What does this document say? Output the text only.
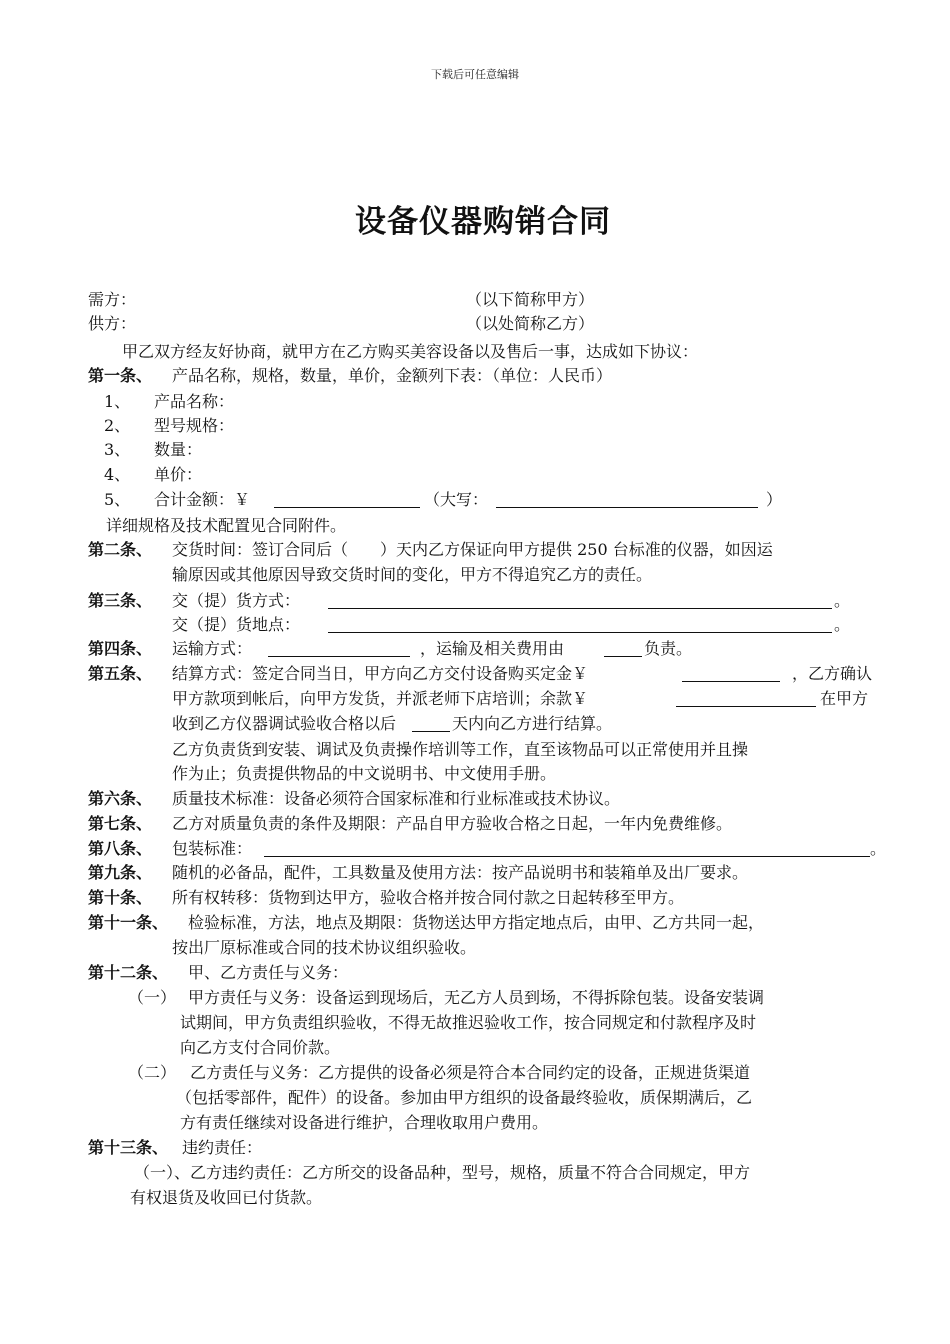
下载后可任意编辑
设备仪器购销合同
需方：	（以下简称甲方）
供方：	（以处简称乙方）
甲乙双方经友好协商，就甲方在乙方购买美容设备以及售后一事，达成如下协议：
第一条、 产品名称，规格，数量，单价，金额列下表：（单位：人民币）
1、 产品名称：
2、 型号规格：
3、 数量：
4、 单价：
5、 合计金额：￥	（大写：	）
详细规格及技术配置见合同附件。
第二条、 交货时间：签订合同后（　　）天内乙方保证向甲方提供 250 台标准的仪器，如因运
输原因或其他原因导致交货时间的变化，甲方不得追究乙方的责任。
第三条、 交（提）货方式：	。
交（提）货地点：	。
第四条、 运输方式：	，运输及相关费用由	负责。
第五条、 结算方式：签定合同当日，甲方向乙方交付设备购买定金￥	，乙方确认
甲方款项到帐后，向甲方发货，并派老师下店培训；余款￥	在甲方
收到乙方仪器调试验收合格以后	天内向乙方进行结算。
乙方负责货到安装、调试及负责操作培训等工作，直至该物品可以正常使用并且操
作为止；负责提供物品的中文说明书、中文使用手册。
第六条、 质量技术标准：设备必须符合国家标准和行业标准或技术协议。
第七条、 乙方对质量负责的条件及期限：产品自甲方验收合格之日起，一年内免费维修。
第八条、 包装标准：	。
第九条、 随机的必备品，配件，工具数量及使用方法：按产品说明书和装箱单及出厂要求。
第十条、 所有权转移：货物到达甲方，验收合格并按合同付款之日起转移至甲方。
第十一条、 检验标准，方法，地点及期限：货物送达甲方指定地点后，由甲、乙方共同一起，
按出厂原标准或合同的技术协议组织验收。
第十二条、 甲、乙方责任与义务：
（一） 甲方责任与义务：设备运到现场后，无乙方人员到场，不得拆除包装。设备安装调
试期间，甲方负责组织验收，不得无故推迟验收工作，按合同规定和付款程序及时
向乙方支付合同价款。
（二） 乙方责任与义务：乙方提供的设备必须是符合本合同约定的设备，正规进货渠道
（包括零部件，配件）的设备。参加由甲方组织的设备最终验收，质保期满后，乙
方有责任继续对设备进行维护，合理收取用户费用。
第十三条、 违约责任：
（一）、乙方违约责任：乙方所交的设备品种，型号，规格，质量不符合合同规定，甲方
有权退货及收回已付货款。
